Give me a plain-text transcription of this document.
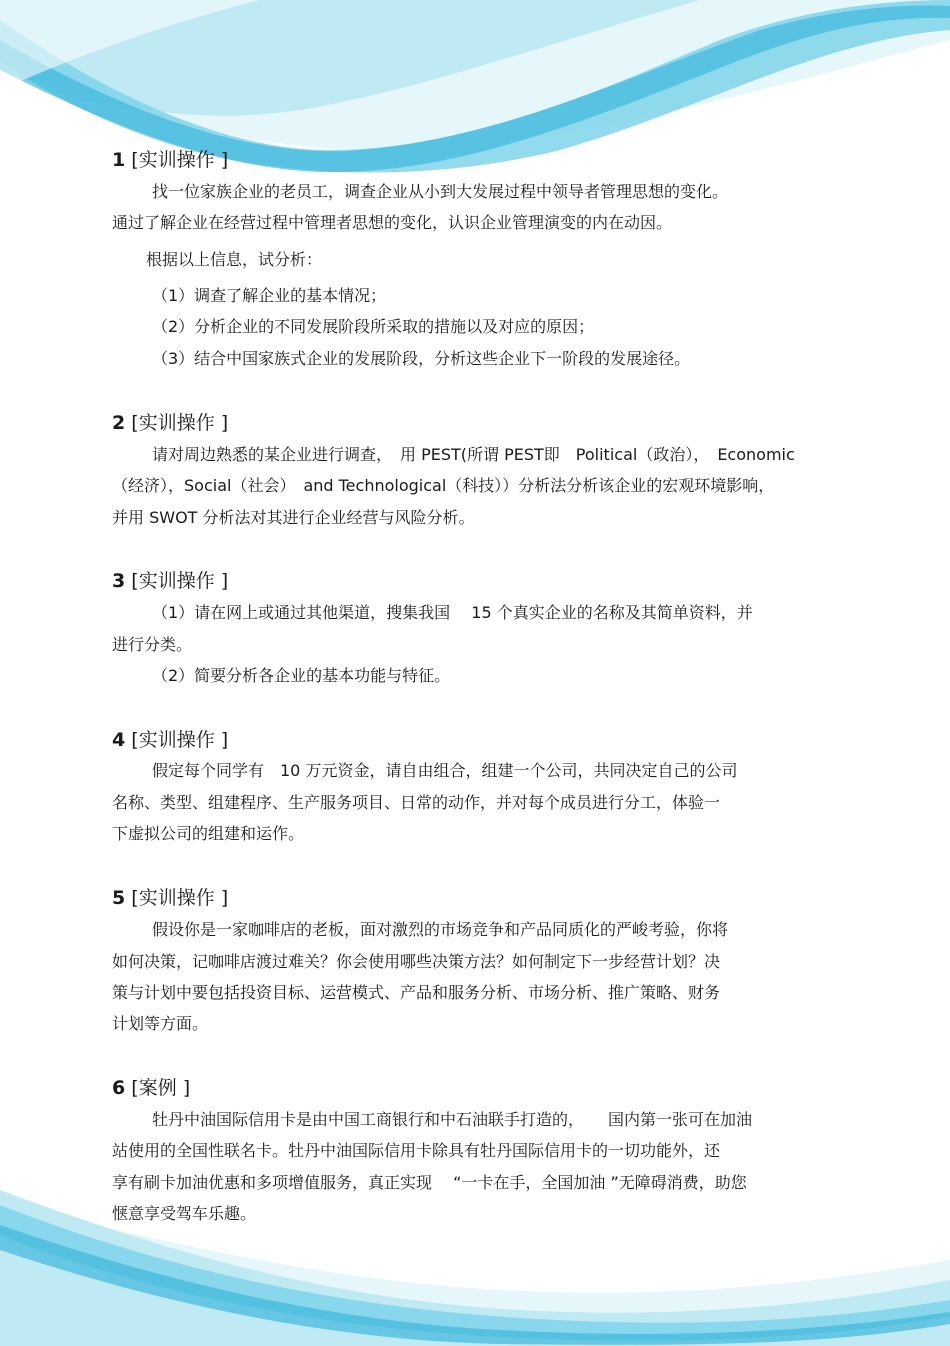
1 [实训操作 ]
找一位家族企业的老员工，调查企业从小到大发展过程中领导者管理思想的变化。
通过了解企业在经营过程中管理者思想的变化，认识企业管理演变的内在动因。
根据以上信息，试分析：
（1）调查了解企业的基本情况；
（2）分析企业的不同发展阶段所采取的措施以及对应的原因；
（3）结合中国家族式企业的发展阶段，分析这些企业下一阶段的发展途径。
2 [实训操作 ]
请对周边熟悉的某企业进行调查，　用 PEST(所谓 PEST即　Political（政治），　Economic
（经济），Social（社会）　and Technological（科技））分析法分析该企业的宏观环境影响，
并用 SWOT 分析法对其进行企业经营与风险分析。
3 [实训操作 ]
（1）请在网上或通过其他渠道，搜集我国　 15 个真实企业的名称及其简单资料，并
进行分类。
（2）简要分析各企业的基本功能与特征。
4 [实训操作 ]
假定每个同学有　10 万元资金，请自由组合，组建一个公司，共同决定自己的公司
名称、类型、组建程序、生产服务项目、日常的动作，并对每个成员进行分工，体验一
下虚拟公司的组建和运作。
5 [实训操作 ]
假设你是一家咖啡店的老板，面对激烈的市场竞争和产品同质化的严峻考验，你将
如何决策，记咖啡店渡过难关？你会使用哪些决策方法？如何制定下一步经营计划？决
策与计划中要包括投资目标、运营模式、产品和服务分析、市场分析、推广策略、财务
计划等方面。
6 [案例 ]
牡丹中油国际信用卡是由中国工商银行和中石油联手打造的，　　国内第一张可在加油
站使用的全国性联名卡。牡丹中油国际信用卡除具有牡丹国际信用卡的一切功能外，还
享有刷卡加油优惠和多项增值服务，真正实现　 “一卡在手，全国加油 ”无障碍消费，助您
惬意享受驾车乐趣。
